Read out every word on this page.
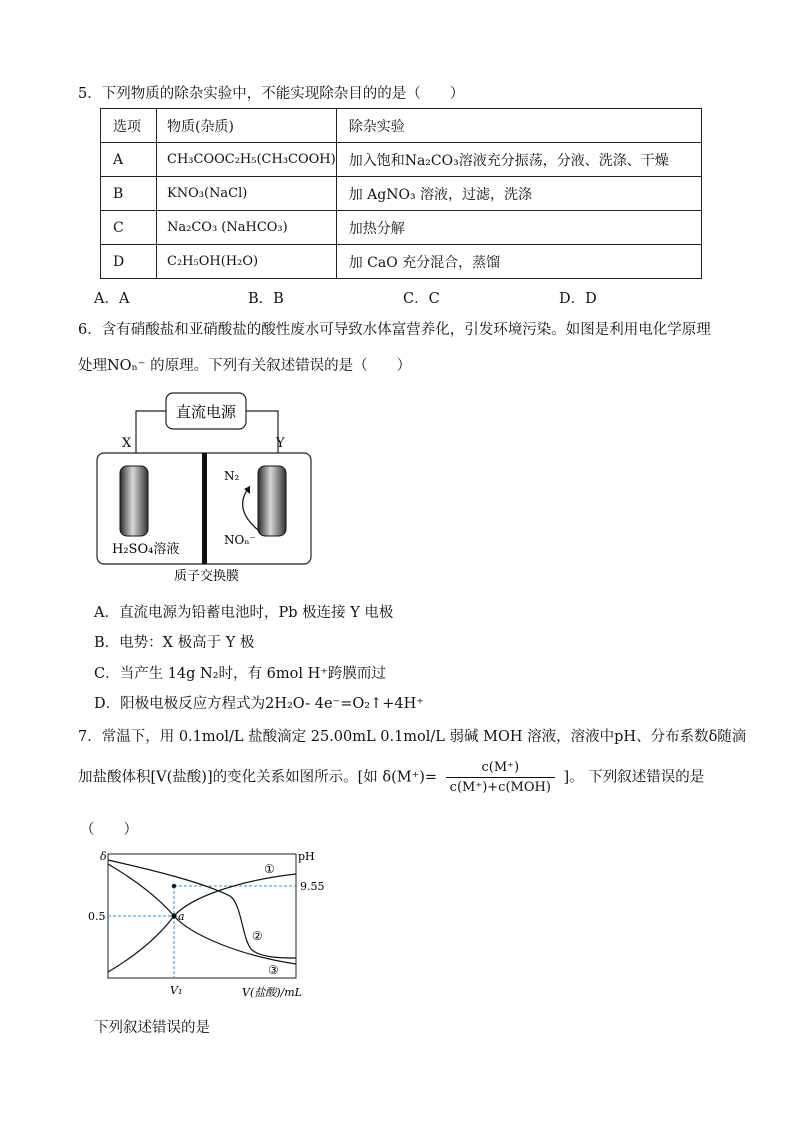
5．下列物质的除杂实验中，不能实现除杂目的的是（　　）
选项	物质(杂质)	除杂实验
A	CH₃COOC₂H₅(CH₃COOH)	加入饱和Na₂CO₃溶液充分振荡，分液、洗涤、干燥
B	KNO₃(NaCl)	加 AgNO₃ 溶液，过滤，洗涤
C	Na₂CO₃ (NaHCO₃)	加热分解
D	C₂H₅OH(H₂O)	加 CaO 充分混合，蒸馏
A．A	B．B	C．C	D．D
6．含有硝酸盐和亚硝酸盐的酸性废水可导致水体富营养化，引发环境污染。如图是利用电化学原理
处理NOₙ⁻ 的原理。下列有关叙述错误的是（　　）
直流电源
X	Y
N₂
NOₙ⁻
H₂SO₄溶液
质子交换膜
A．直流电源为铅蓄电池时，Pb 极连接 Y 电极
B．电势：X 极高于 Y 极
C．当产生 14g N₂时，有 6mol H⁺跨膜而过
D．阳极电极反应方程式为2H₂O- 4e⁻=O₂↑+4H⁺
7．常温下，用 0.1mol/L 盐酸滴定 25.00mL 0.1mol/L 弱碱 MOH 溶液，溶液中pH、分布系数δ随滴
加盐酸体积[V(盐酸)]的变化关系如图所示。[如 $\delta(M^+)= \frac{c(M^+)}{\text{c(M⁺)+c(MOH)}}$ ]。 下列叙述错误的是
（　　）
δ	pH
0.5
9.55
V₁	V(盐酸)/mL
a
①
②
③
下列叙述错误的是
